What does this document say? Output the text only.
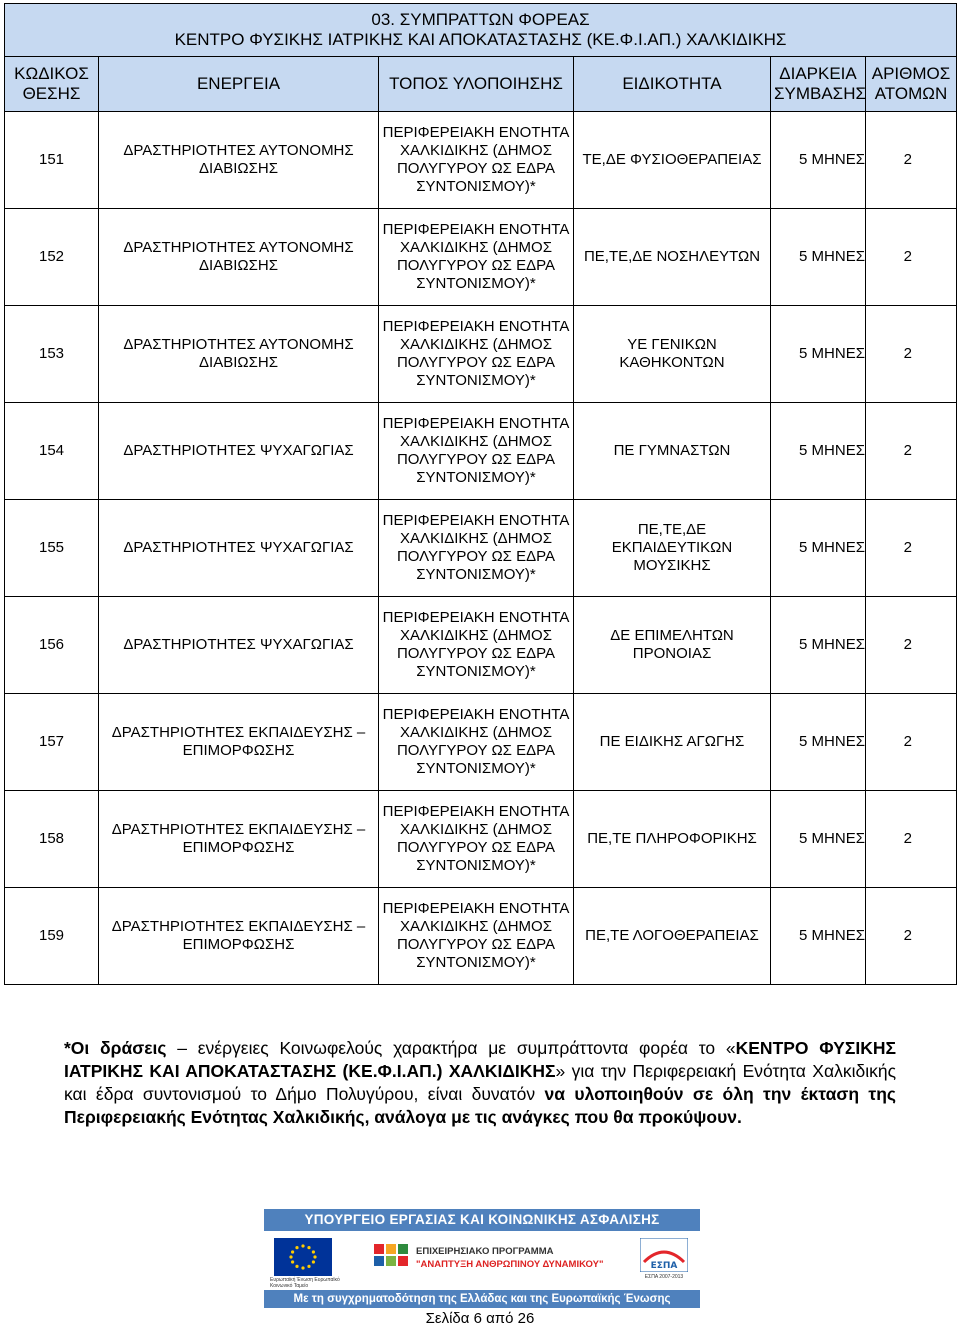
03. ΣΥΜΠΡΑΤΤΩΝ ΦΟΡΕΑΣ
ΚΕΝΤΡΟ ΦΥΣΙΚΗΣ ΙΑΤΡΙΚΗΣ ΚΑΙ ΑΠΟΚΑΤΑΣΤΑΣΗΣ (ΚΕ.Φ.Ι.ΑΠ.) ΧΑΛΚΙΔΙΚΗΣ					

ΚΩΔΙΚΟΣ ΘΕΣΗΣ	ΕΝΕΡΓΕΙΑ	ΤΟΠΟΣ ΥΛΟΠΟΙΗΣΗΣ	ΕΙΔΙΚΟΤΗΤΑ	ΔΙΑΡΚΕΙΑ ΣΥΜΒΑΣΗΣ	ΑΡΙΘΜΟΣ ΑΤΟΜΩΝ
151	ΔΡΑΣΤΗΡΙΟΤΗΤΕΣ ΑΥΤΟΝΟΜΗΣ ΔΙΑΒΙΩΣΗΣ	ΠΕΡΙΦΕΡΕΙΑΚΗ ΕΝΟΤΗΤΑ ΧΑΛΚΙΔΙΚΗΣ (ΔΗΜΟΣ ΠΟΛΥΓΥΡΟΥ ΩΣ ΕΔΡΑ ΣΥΝΤΟΝΙΣΜΟΥ)*	ΤΕ,ΔΕ ΦΥΣΙΟΘΕΡΑΠΕΙΑΣ	5 ΜΗΝΕΣ	2
152	ΔΡΑΣΤΗΡΙΟΤΗΤΕΣ ΑΥΤΟΝΟΜΗΣ ΔΙΑΒΙΩΣΗΣ	ΠΕΡΙΦΕΡΕΙΑΚΗ ΕΝΟΤΗΤΑ ΧΑΛΚΙΔΙΚΗΣ (ΔΗΜΟΣ ΠΟΛΥΓΥΡΟΥ ΩΣ ΕΔΡΑ ΣΥΝΤΟΝΙΣΜΟΥ)*	ΠΕ,ΤΕ,ΔΕ ΝΟΣΗΛΕΥΤΩΝ	5 ΜΗΝΕΣ	2
153	ΔΡΑΣΤΗΡΙΟΤΗΤΕΣ ΑΥΤΟΝΟΜΗΣ ΔΙΑΒΙΩΣΗΣ	ΠΕΡΙΦΕΡΕΙΑΚΗ ΕΝΟΤΗΤΑ ΧΑΛΚΙΔΙΚΗΣ (ΔΗΜΟΣ ΠΟΛΥΓΥΡΟΥ ΩΣ ΕΔΡΑ ΣΥΝΤΟΝΙΣΜΟΥ)*	ΥΕ ΓΕΝΙΚΩΝ ΚΑΘΗΚΟΝΤΩΝ	5 ΜΗΝΕΣ	2
154	ΔΡΑΣΤΗΡΙΟΤΗΤΕΣ ΨΥΧΑΓΩΓΙΑΣ	ΠΕΡΙΦΕΡΕΙΑΚΗ ΕΝΟΤΗΤΑ ΧΑΛΚΙΔΙΚΗΣ (ΔΗΜΟΣ ΠΟΛΥΓΥΡΟΥ ΩΣ ΕΔΡΑ ΣΥΝΤΟΝΙΣΜΟΥ)*	ΠΕ ΓΥΜΝΑΣΤΩΝ	5 ΜΗΝΕΣ	2
155	ΔΡΑΣΤΗΡΙΟΤΗΤΕΣ ΨΥΧΑΓΩΓΙΑΣ	ΠΕΡΙΦΕΡΕΙΑΚΗ ΕΝΟΤΗΤΑ ΧΑΛΚΙΔΙΚΗΣ (ΔΗΜΟΣ ΠΟΛΥΓΥΡΟΥ ΩΣ ΕΔΡΑ ΣΥΝΤΟΝΙΣΜΟΥ)*	ΠΕ,ΤΕ,ΔΕ ΕΚΠΑΙΔΕΥΤΙΚΩΝ ΜΟΥΣΙΚΗΣ	5 ΜΗΝΕΣ	2
156	ΔΡΑΣΤΗΡΙΟΤΗΤΕΣ ΨΥΧΑΓΩΓΙΑΣ	ΠΕΡΙΦΕΡΕΙΑΚΗ ΕΝΟΤΗΤΑ ΧΑΛΚΙΔΙΚΗΣ (ΔΗΜΟΣ ΠΟΛΥΓΥΡΟΥ ΩΣ ΕΔΡΑ ΣΥΝΤΟΝΙΣΜΟΥ)*	ΔΕ ΕΠΙΜΕΛΗΤΩΝ ΠΡΟΝΟΙΑΣ	5 ΜΗΝΕΣ	2
157	ΔΡΑΣΤΗΡΙΟΤΗΤΕΣ ΕΚΠΑΙΔΕΥΣΗΣ – ΕΠΙΜΟΡΦΩΣΗΣ	ΠΕΡΙΦΕΡΕΙΑΚΗ ΕΝΟΤΗΤΑ ΧΑΛΚΙΔΙΚΗΣ (ΔΗΜΟΣ ΠΟΛΥΓΥΡΟΥ ΩΣ ΕΔΡΑ ΣΥΝΤΟΝΙΣΜΟΥ)*	ΠΕ ΕΙΔΙΚΗΣ ΑΓΩΓΗΣ	5 ΜΗΝΕΣ	2
158	ΔΡΑΣΤΗΡΙΟΤΗΤΕΣ ΕΚΠΑΙΔΕΥΣΗΣ – ΕΠΙΜΟΡΦΩΣΗΣ	ΠΕΡΙΦΕΡΕΙΑΚΗ ΕΝΟΤΗΤΑ ΧΑΛΚΙΔΙΚΗΣ (ΔΗΜΟΣ ΠΟΛΥΓΥΡΟΥ ΩΣ ΕΔΡΑ ΣΥΝΤΟΝΙΣΜΟΥ)*	ΠΕ,ΤΕ ΠΛΗΡΟΦΟΡΙΚΗΣ	5 ΜΗΝΕΣ	2
159	ΔΡΑΣΤΗΡΙΟΤΗΤΕΣ ΕΚΠΑΙΔΕΥΣΗΣ – ΕΠΙΜΟΡΦΩΣΗΣ	ΠΕΡΙΦΕΡΕΙΑΚΗ ΕΝΟΤΗΤΑ ΧΑΛΚΙΔΙΚΗΣ (ΔΗΜΟΣ ΠΟΛΥΓΥΡΟΥ ΩΣ ΕΔΡΑ ΣΥΝΤΟΝΙΣΜΟΥ)*	ΠΕ,ΤΕ ΛΟΓΟΘΕΡΑΠΕΙΑΣ	5 ΜΗΝΕΣ	2
*Οι δράσεις – ενέργειες Κοινωφελούς χαρακτήρα με συμπράττοντα φορέα το «ΚΕΝΤΡΟ ΦΥΣΙΚΗΣ ΙΑΤΡΙΚΗΣ ΚΑΙ ΑΠΟΚΑΤΑΣΤΑΣΗΣ (ΚΕ.Φ.Ι.ΑΠ.) ΧΑΛΚΙΔΙΚΗΣ» για την Περιφερειακή Ενότητα Χαλκιδικής και έδρα συντονισμού το Δήμο Πολυγύρου, είναι δυνατόν να υλοποιηθούν σε όλη την έκταση της Περιφερειακής Ενότητας Χαλκιδικής, ανάλογα με τις ανάγκες που θα προκύψουν.
ΥΠΟΥΡΓΕΙΟ ΕΡΓΑΣΙΑΣ ΚΑΙ ΚΟΙΝΩΝΙΚΗΣ ΑΣΦΑΛΙΣΗΣ
Ευρωπαϊκή Ένωση Ευρωπαϊκό Κοινωνικό Ταμείο
ΕΠΙΧΕΙΡΗΣΙΑΚΟ ΠΡΟΓΡΑΜΜΑ
"ΑΝΑΠΤΥΞΗ ΑΝΘΡΩΠΙΝΟΥ ΔΥΝΑΜΙΚΟΥ"	ΕΣΠΑ
ΕΣΠΑ 2007-2013
Με τη συγχρηματοδότηση της Ελλάδας και της Ευρωπαϊκής Ένωσης
Σελίδα 6 από 26
